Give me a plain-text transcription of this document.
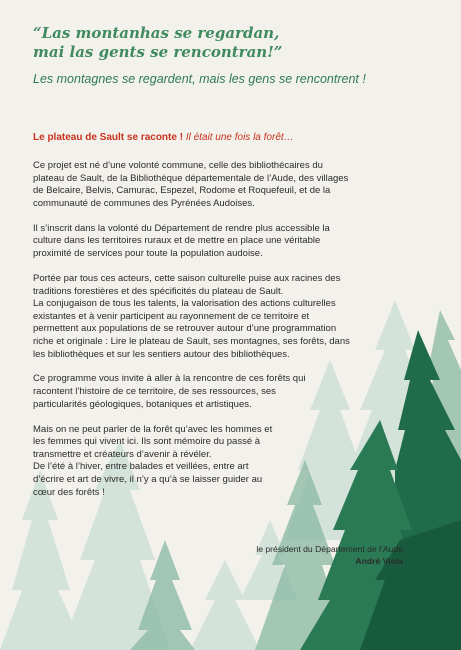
“Las montanhas se regardan,
mai las gents se rencontran!”
Les montagnes se regardent, mais les gens se rencontrent !
Le plateau de Sault se raconte ! Il était une fois la forêt…

Ce projet est né d’une volonté commune, celle des bibliothécaires du
plateau de Sault, de la Bibliothèque départementale de l’Aude, des villages
de Belcaire, Belvis, Camurac, Espezel, Rodome et Roquefeuil, et de la
communauté de communes des Pyrénées Audoises.

Il s’inscrit dans la volonté du Département de rendre plus accessible la
culture dans les territoires ruraux et de mettre en place une véritable
proximité de services pour toute la population audoise.

Portée par tous ces acteurs, cette saison culturelle puise aux racines des
traditions forestières et des spécificités du plateau de Sault.
La conjugaison de tous les talents, la valorisation des actions culturelles
existantes et à venir participent au rayonnement de ce territoire et
permettent aux populations de se retrouver autour d’une programmation
riche et originale : Lire le plateau de Sault, ses montagnes, ses forêts, dans
les bibliothèques et sur les sentiers autour des bibliothèques.

Ce programme vous invite à aller à la rencontre de ces forêts qui
racontent l’histoire de ce territoire, de ses ressources, ses
particularités géologiques, botaniques et artistiques.

Mais on ne peut parler de la forêt qu’avec les hommes et
les femmes qui vivent ici. Ils sont mémoire du passé à
transmettre et créateurs d’avenir à révéler.
De l’été à l’hiver, entre balades et veillées, entre art
d’écrire et art de vivre, il n’y a qu’à se laisser guider au
cœur des forêts !

le président du Département de l’Aude
André Viola
